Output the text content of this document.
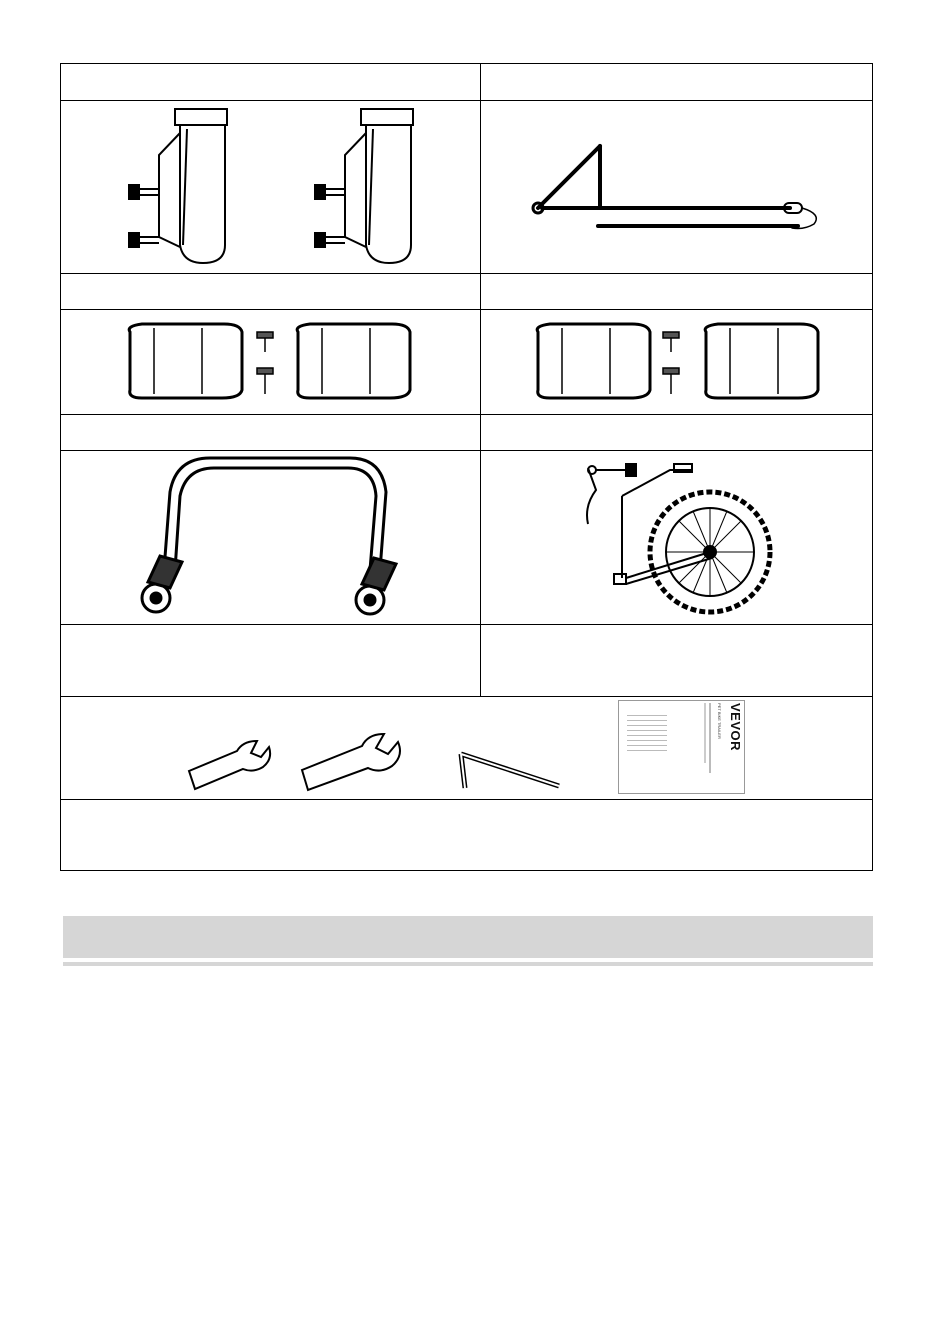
VEVOR
PET BIKE TRAILER
